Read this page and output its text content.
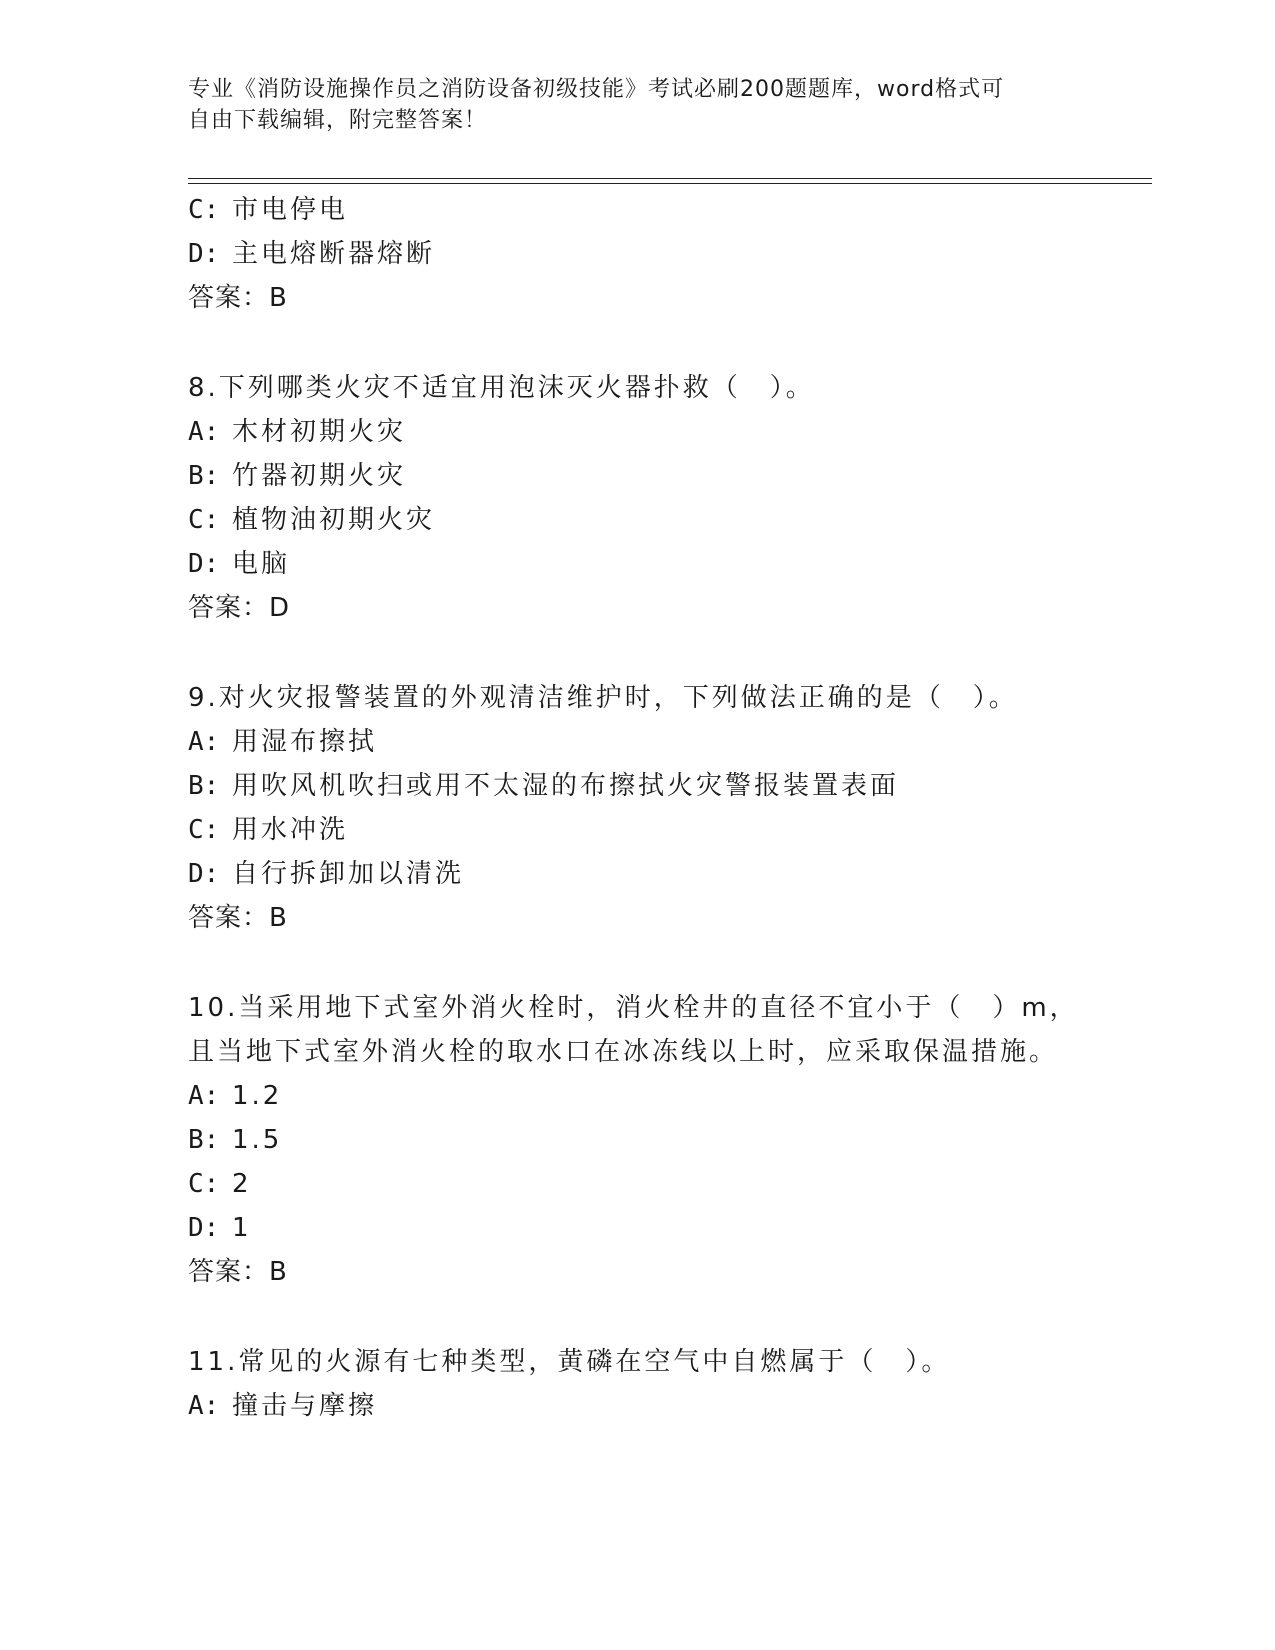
专业《消防设施操作员之消防设备初级技能》考试必刷200题题库，word格式可
自由下载编辑，附完整答案！
C: 市电停电
D: 主电熔断器熔断
答案：B
8.下列哪类火灾不适宜用泡沫灭火器扑救（　）。
A: 木材初期火灾
B: 竹器初期火灾
C: 植物油初期火灾
D: 电脑
答案：D
9.对火灾报警装置的外观清洁维护时，下列做法正确的是（　）。
A: 用湿布擦拭
B: 用吹风机吹扫或用不太湿的布擦拭火灾警报装置表面
C: 用水冲洗
D: 自行拆卸加以清洗
答案：B
10.当采用地下式室外消火栓时，消火栓井的直径不宜小于（　）m，
且当地下式室外消火栓的取水口在冰冻线以上时，应采取保温措施。
A: 1.2
B: 1.5
C: 2
D: 1
答案：B
11.常见的火源有七种类型，黄磷在空气中自燃属于（　）。
A: 撞击与摩擦
